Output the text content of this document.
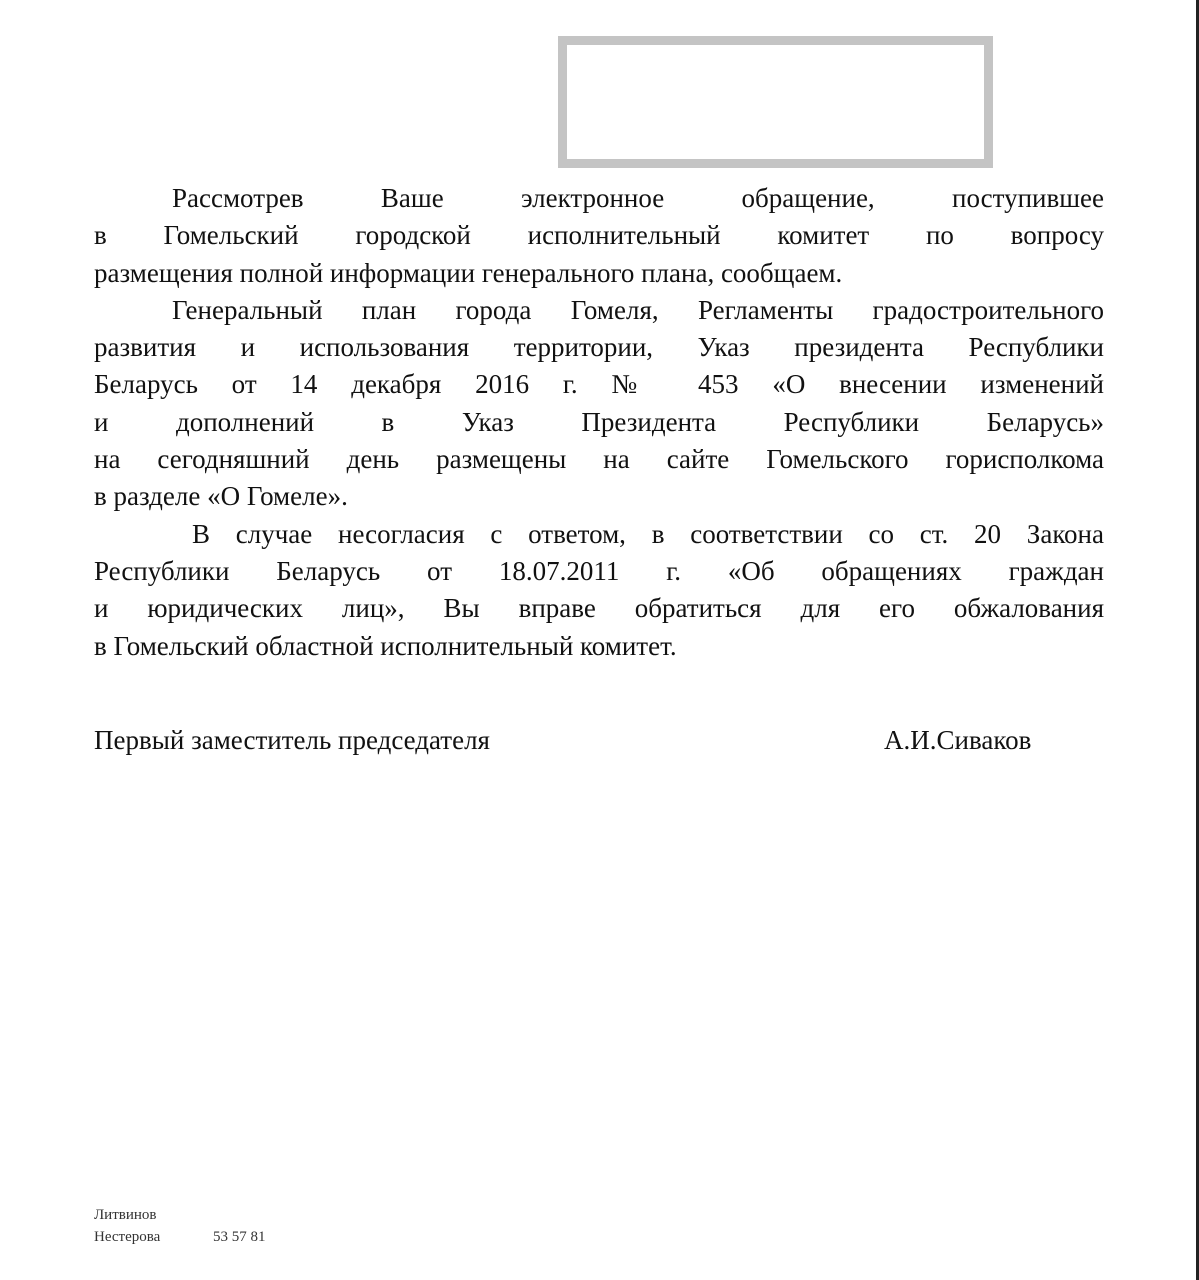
Рассмотрев Ваше электронное обращение, поступившее
в Гомельский городской исполнительный комитет по вопросу
размещения полной информации генерального плана, сообщаем.
Генеральный план города Гомеля, Регламенты градостроительного
развития и использования территории, Указ президента Республики
Беларусь от 14 декабря 2016 г. № 453 «О внесении изменений
и дополнений в Указ Президента Республики Беларусь»
на сегодняшний день размещены на сайте Гомельского горисполкома
в разделе «О Гомеле».
В случае несогласия с ответом, в соответствии со ст. 20 Закона
Республики Беларусь от 18.07.2011 г. «Об обращениях граждан
и юридических лиц», Вы вправе обратиться для его обжалования
в Гомельский областной исполнительный комитет.
Первый заместитель председателя	А.И.Сиваков
Литвинов
Нестерова	53 57 81
